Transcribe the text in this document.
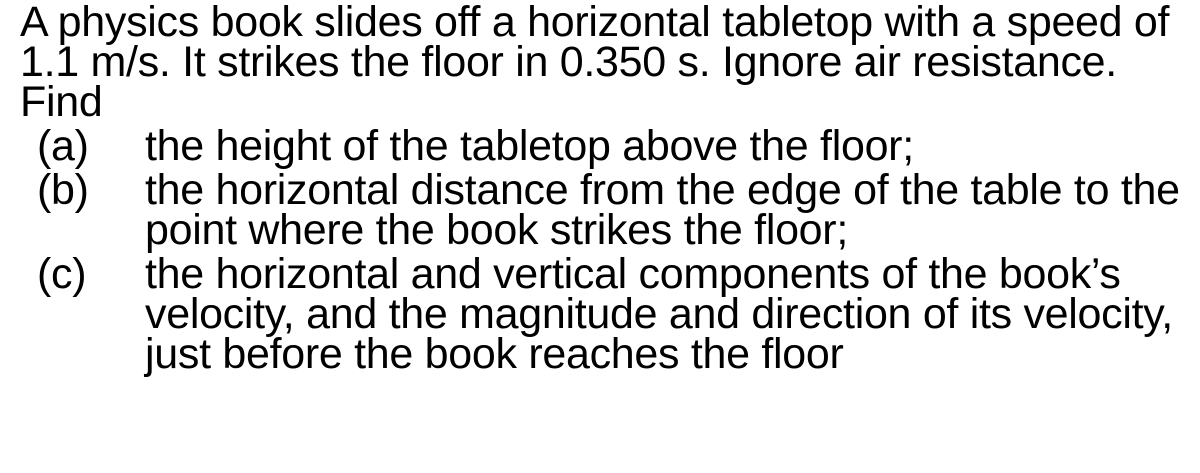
A physics book slides off a horizontal tabletop with a speed of 1.1 m/s. It strikes the floor in 0.350 s. Ignore air resistance. Find

(a)	the height of the tabletop above the floor;
(b)	the horizontal distance from the edge of the table to the point where the book strikes the floor;
(c)	the horizontal and vertical components of the book’s velocity, and the magnitude and direction of its velocity, just before the book reaches the floor
